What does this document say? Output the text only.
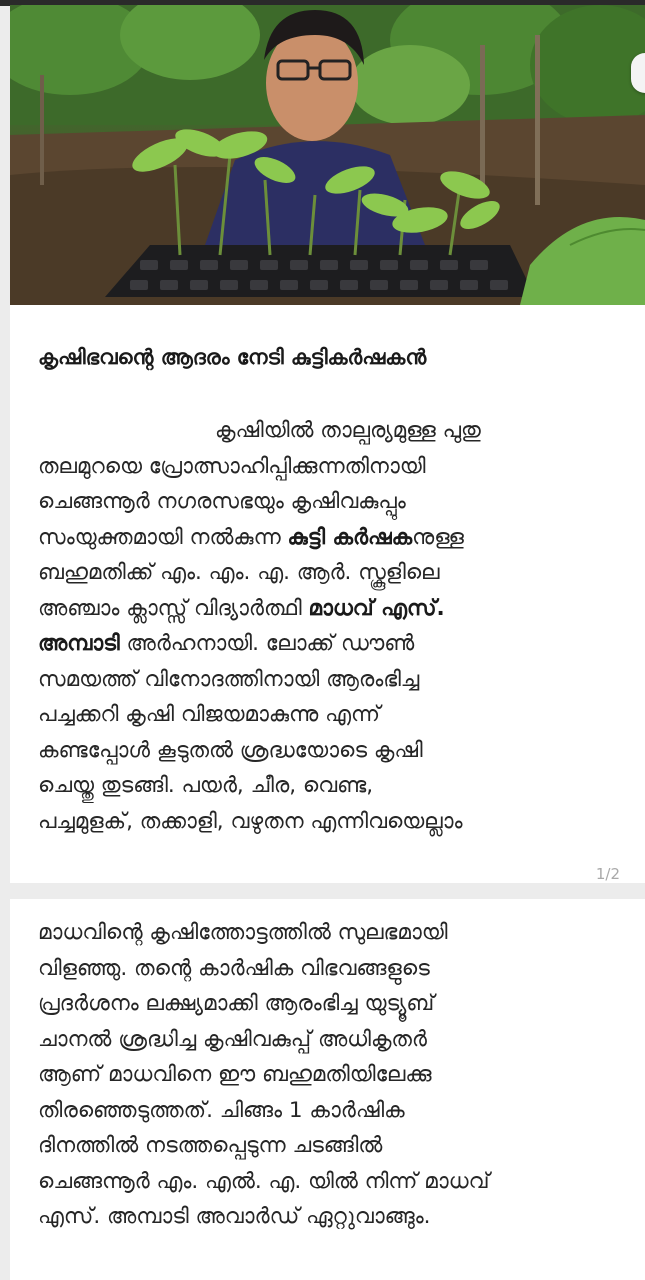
കൃഷിഭവന്റെ ആദരം നേടി കുട്ടികർഷകൻ

കൃഷിയിൽ താല്പര്യമുള്ള പുതു
തലമുറയെ പ്രോത്സാഹിപ്പിക്കുന്നതിനായി
ചെങ്ങന്നൂർ നഗരസഭയും കൃഷിവകുപ്പും
സംയുക്തമായി നൽകുന്ന കുട്ടി കർഷകനുള്ള
ബഹുമതിക്ക് എം. എം. എ. ആർ. സ്കൂളിലെ
അഞ്ചാം ക്ലാസ്സ് വിദ്യാർത്ഥി മാധവ് എസ്.
അമ്പാടി അർഹനായി. ലോക്ക് ഡൗൺ
സമയത്ത് വിനോദത്തിനായി ആരംഭിച്ച
പച്ചക്കറി കൃഷി വിജയമാകുന്നു എന്ന്
കണ്ടപ്പോൾ കൂടുതൽ ശ്രദ്ധയോടെ കൃഷി
ചെയ്തു തുടങ്ങി. പയർ, ചീര, വെണ്ട,
പച്ചമുളക്, തക്കാളി, വഴുതന എന്നിവയെല്ലാം

1/2

മാധവിന്റെ കൃഷിത്തോട്ടത്തിൽ സുലഭമായി
വിളഞ്ഞു. തന്റെ കാർഷിക വിഭവങ്ങളുടെ
പ്രദർശനം ലക്ഷ്യമാക്കി ആരംഭിച്ച യുട്യൂബ്
ചാനൽ ശ്രദ്ധിച്ച കൃഷിവകുപ്പ് അധികൃതർ
ആണ് മാധവിനെ ഈ ബഹുമതിയിലേക്കു
തിരഞ്ഞെടുത്തത്. ചിങ്ങം 1 കാർഷിക
ദിനത്തിൽ നടത്തപ്പെടുന്ന ചടങ്ങിൽ
ചെങ്ങന്നൂർ എം. എൽ. എ. യിൽ നിന്ന് മാധവ്
എസ്. അമ്പാടി അവാർഡ് ഏറ്റുവാങ്ങും.
